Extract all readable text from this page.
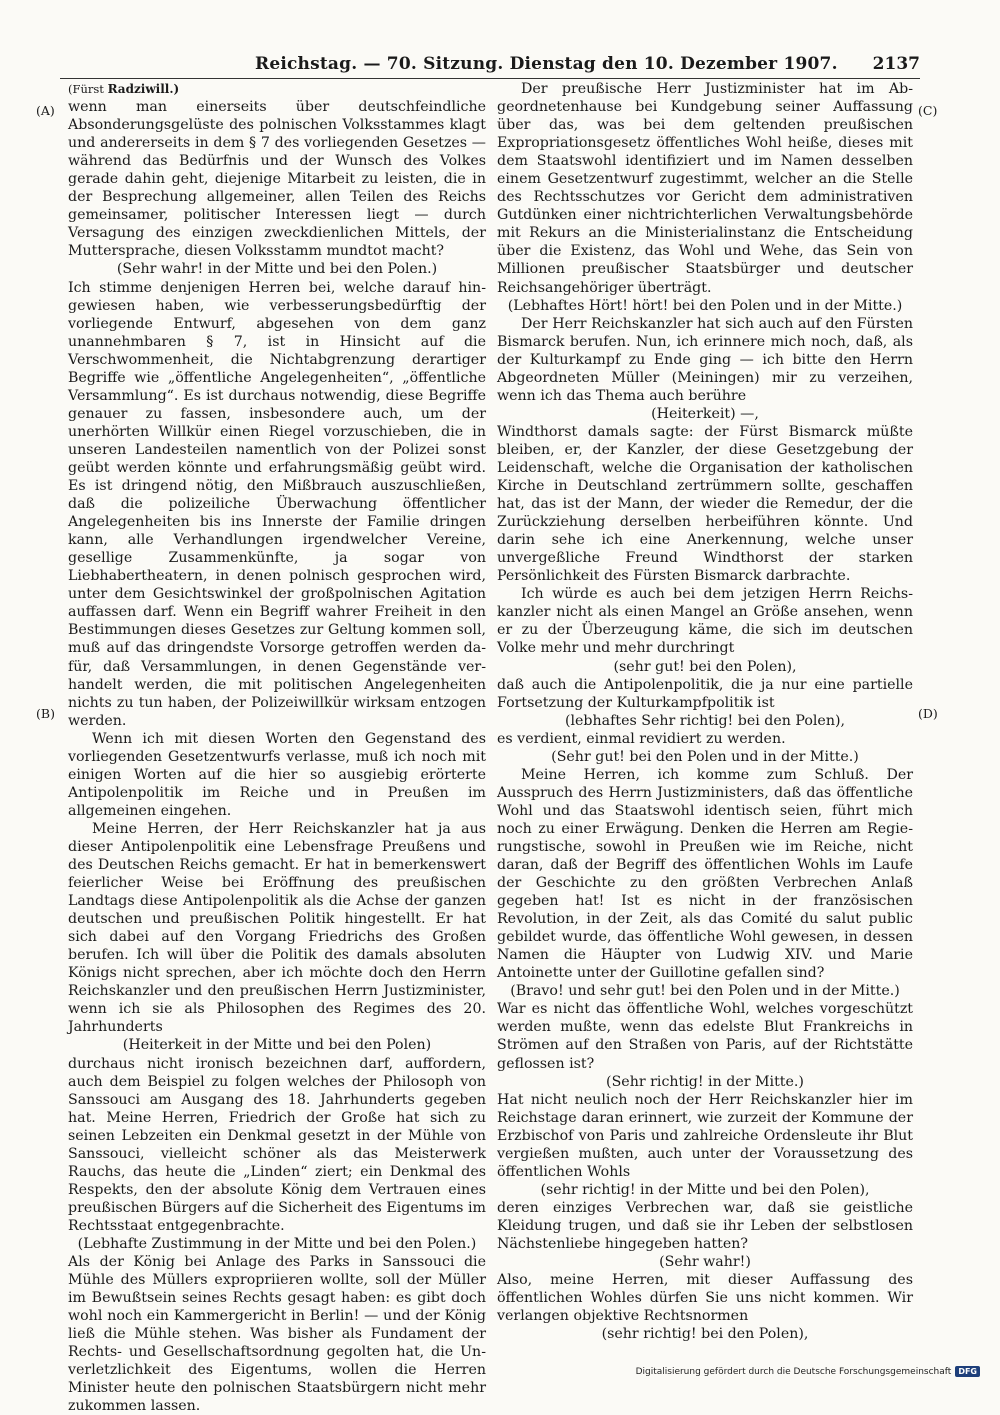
Reichstag. — 70. Sitzung. Dienstag den 10. Dezember 1907. 2137
(A)
(B)
(C)
(D)

(Fürst Radziwill.)

wenn man einerseits über deutschfeindliche Absonderungsgelüste des polnischen Volksstammes klagt und andererseits in dem § 7 des vorliegenden Gesetzes — während das Bedürfnis und der Wunsch des Volkes gerade dahin geht, diejenige Mitarbeit zu leisten, die in der Besprechung allgemeiner, allen Teilen des Reichs gemeinsamer, politischer Interessen liegt — durch Versagung des einzigen zweckdienlichen Mittels, der Muttersprache, diesen Volksstamm mundtot macht?

(Sehr wahr! in der Mitte und bei den Polen.)

Ich stimme denjenigen Herren bei, welche darauf hingewiesen haben, wie verbesserungsbedürftig der vorliegende Entwurf, abgesehen von dem ganz unannehmbaren § 7, ist in Hinsicht auf die Verschwommenheit, die Nichtabgrenzung derartiger Begriffe wie „öffentliche Angelegenheiten“, „öffentliche Versammlung“. Es ist durchaus notwendig, diese Begriffe genauer zu fassen, insbesondere auch, um der unerhörten Willkür einen Riegel vorzuschieben, die in unseren Landesteilen namentlich von der Polizei sonst geübt werden könnte und erfahrungsmäßig geübt wird. Es ist dringend nötig, den Mißbrauch auszuschließen, daß die polizeiliche Überwachung öffentlicher Angelegenheiten bis ins Innerste der Familie dringen kann, alle Verhandlungen irgendwelcher Vereine, gesellige Zusammenkünfte, ja sogar von Liebhabertheatern, in denen polnisch gesprochen wird, unter dem Gesichtswinkel der großpolnischen Agitation auffassen darf. Wenn ein Begriff wahrer Freiheit in den Bestimmungen dieses Gesetzes zur Geltung kommen soll, muß auf das dringendste Vorsorge getroffen werden dafür, daß Versammlungen, in denen Gegenstände verhandelt werden, die mit politischen Angelegenheiten nichts zu tun haben, der Polizeiwillkür wirksam entzogen werden.

Wenn ich mit diesen Worten den Gegenstand des vorliegenden Gesetzentwurfs verlasse, muß ich noch mit einigen Worten auf die hier so ausgiebig erörterte Antipolenpolitik im Reiche und in Preußen im allgemeinen eingehen.

Meine Herren, der Herr Reichskanzler hat ja aus dieser Antipolenpolitik eine Lebensfrage Preußens und des Deutschen Reichs gemacht. Er hat in bemerkenswert feierlicher Weise bei Eröffnung des preußischen Landtags diese Antipolenpolitik als die Achse der ganzen deutschen und preußischen Politik hingestellt. Er hat sich dabei auf den Vorgang Friedrichs des Großen berufen. Ich will über die Politik des damals absoluten Königs nicht sprechen, aber ich möchte doch den Herrn Reichskanzler und den preußischen Herrn Justizminister, wenn ich sie als Philosophen des Regimes des 20. Jahrhunderts

(Heiterkeit in der Mitte und bei den Polen)

durchaus nicht ironisch bezeichnen darf, auffordern, auch dem Beispiel zu folgen welches der Philosoph von Sanssouci am Ausgang des 18. Jahrhunderts gegeben hat. Meine Herren, Friedrich der Große hat sich zu seinen Lebzeiten ein Denkmal gesetzt in der Mühle von Sanssouci, vielleicht schöner als das Meisterwerk Rauchs, das heute die „Linden“ ziert; ein Denkmal des Respekts, den der absolute König dem Vertrauen eines preußischen Bürgers auf die Sicherheit des Eigentums im Rechtsstaat entgegenbrachte.

(Lebhafte Zustimmung in der Mitte und bei den Polen.)

Als der König bei Anlage des Parks in Sanssouci die Mühle des Müllers expropriieren wollte, soll der Müller im Bewußtsein seines Rechts gesagt haben: es gibt doch wohl noch ein Kammergericht in Berlin! — und der König ließ die Mühle stehen. Was bisher als Fundament der Rechts- und Gesellschaftsordnung gegolten hat, die Unverletzlichkeit des Eigentums, wollen die Herren Minister heute den polnischen Staatsbürgern nicht mehr zukommen lassen.

Der preußische Herr Justizminister hat im Abgeordnetenhause bei Kundgebung seiner Auffassung über das, was bei dem geltenden preußischen Expropriationsgesetz öffentliches Wohl heiße, dieses mit dem Staatswohl identifiziert und im Namen desselben einem Gesetzentwurf zugestimmt, welcher an die Stelle des Rechtsschutzes vor Gericht dem administrativen Gutdünken einer nichtrichterlichen Verwaltungsbehörde mit Rekurs an die Ministerialinstanz die Entscheidung über die Existenz, das Wohl und Wehe, das Sein von Millionen preußischer Staatsbürger und deutscher Reichsangehöriger überträgt.

(Lebhaftes Hört! hört! bei den Polen und in der Mitte.)

Der Herr Reichskanzler hat sich auch auf den Fürsten Bismarck berufen. Nun, ich erinnere mich noch, daß, als der Kulturkampf zu Ende ging — ich bitte den Herrn Abgeordneten Müller (Meiningen) mir zu verzeihen, wenn ich das Thema auch berühre

(Heiterkeit) —,

Windthorst damals sagte: der Fürst Bismarck müßte bleiben, er, der Kanzler, der diese Gesetzgebung der Leidenschaft, welche die Organisation der katholischen Kirche in Deutschland zertrümmern sollte, geschaffen hat, das ist der Mann, der wieder die Remedur, der die Zurückziehung derselben herbeiführen könnte. Und darin sehe ich eine Anerkennung, welche unser unvergeßliche Freund Windthorst der starken Persönlichkeit des Fürsten Bismarck darbrachte.

Ich würde es auch bei dem jetzigen Herrn Reichskanzler nicht als einen Mangel an Größe ansehen, wenn er zu der Überzeugung käme, die sich im deutschen Volke mehr und mehr durchringt

(sehr gut! bei den Polen),

daß auch die Antipolenpolitik, die ja nur eine partielle Fortsetzung der Kulturkampfpolitik ist

(lebhaftes Sehr richtig! bei den Polen),

es verdient, einmal revidiert zu werden.

(Sehr gut! bei den Polen und in der Mitte.)

Meine Herren, ich komme zum Schluß. Der Ausspruch des Herrn Justizministers, daß das öffentliche Wohl und das Staatswohl identisch seien, führt mich noch zu einer Erwägung. Denken die Herren am Regierungstische, sowohl in Preußen wie im Reiche, nicht daran, daß der Begriff des öffentlichen Wohls im Laufe der Geschichte zu den größten Verbrechen Anlaß gegeben hat! Ist es nicht in der französischen Revolution, in der Zeit, als das Comité du salut public gebildet wurde, das öffentliche Wohl gewesen, in dessen Namen die Häupter von Ludwig XIV. und Marie Antoinette unter der Guillotine gefallen sind?

(Bravo! und sehr gut! bei den Polen und in der Mitte.)

War es nicht das öffentliche Wohl, welches vorgeschützt werden mußte, wenn das edelste Blut Frankreichs in Strömen auf den Straßen von Paris, auf der Richtstätte geflossen ist?

(Sehr richtig! in der Mitte.)

Hat nicht neulich noch der Herr Reichskanzler hier im Reichstage daran erinnert, wie zurzeit der Kommune der Erzbischof von Paris und zahlreiche Ordensleute ihr Blut vergießen mußten, auch unter der Voraussetzung des öffentlichen Wohls

(sehr richtig! in der Mitte und bei den Polen),

deren einziges Verbrechen war, daß sie geistliche Kleidung trugen, und daß sie ihr Leben der selbstlosen Nächstenliebe hingegeben hatten?

(Sehr wahr!)

Also, meine Herren, mit dieser Auffassung des öffentlichen Wohles dürfen Sie uns nicht kommen. Wir verlangen objektive Rechtsnormen

(sehr richtig! bei den Polen),

Digitalisierung gefördert durch die Deutsche Forschungsgemeinschaft DFG
